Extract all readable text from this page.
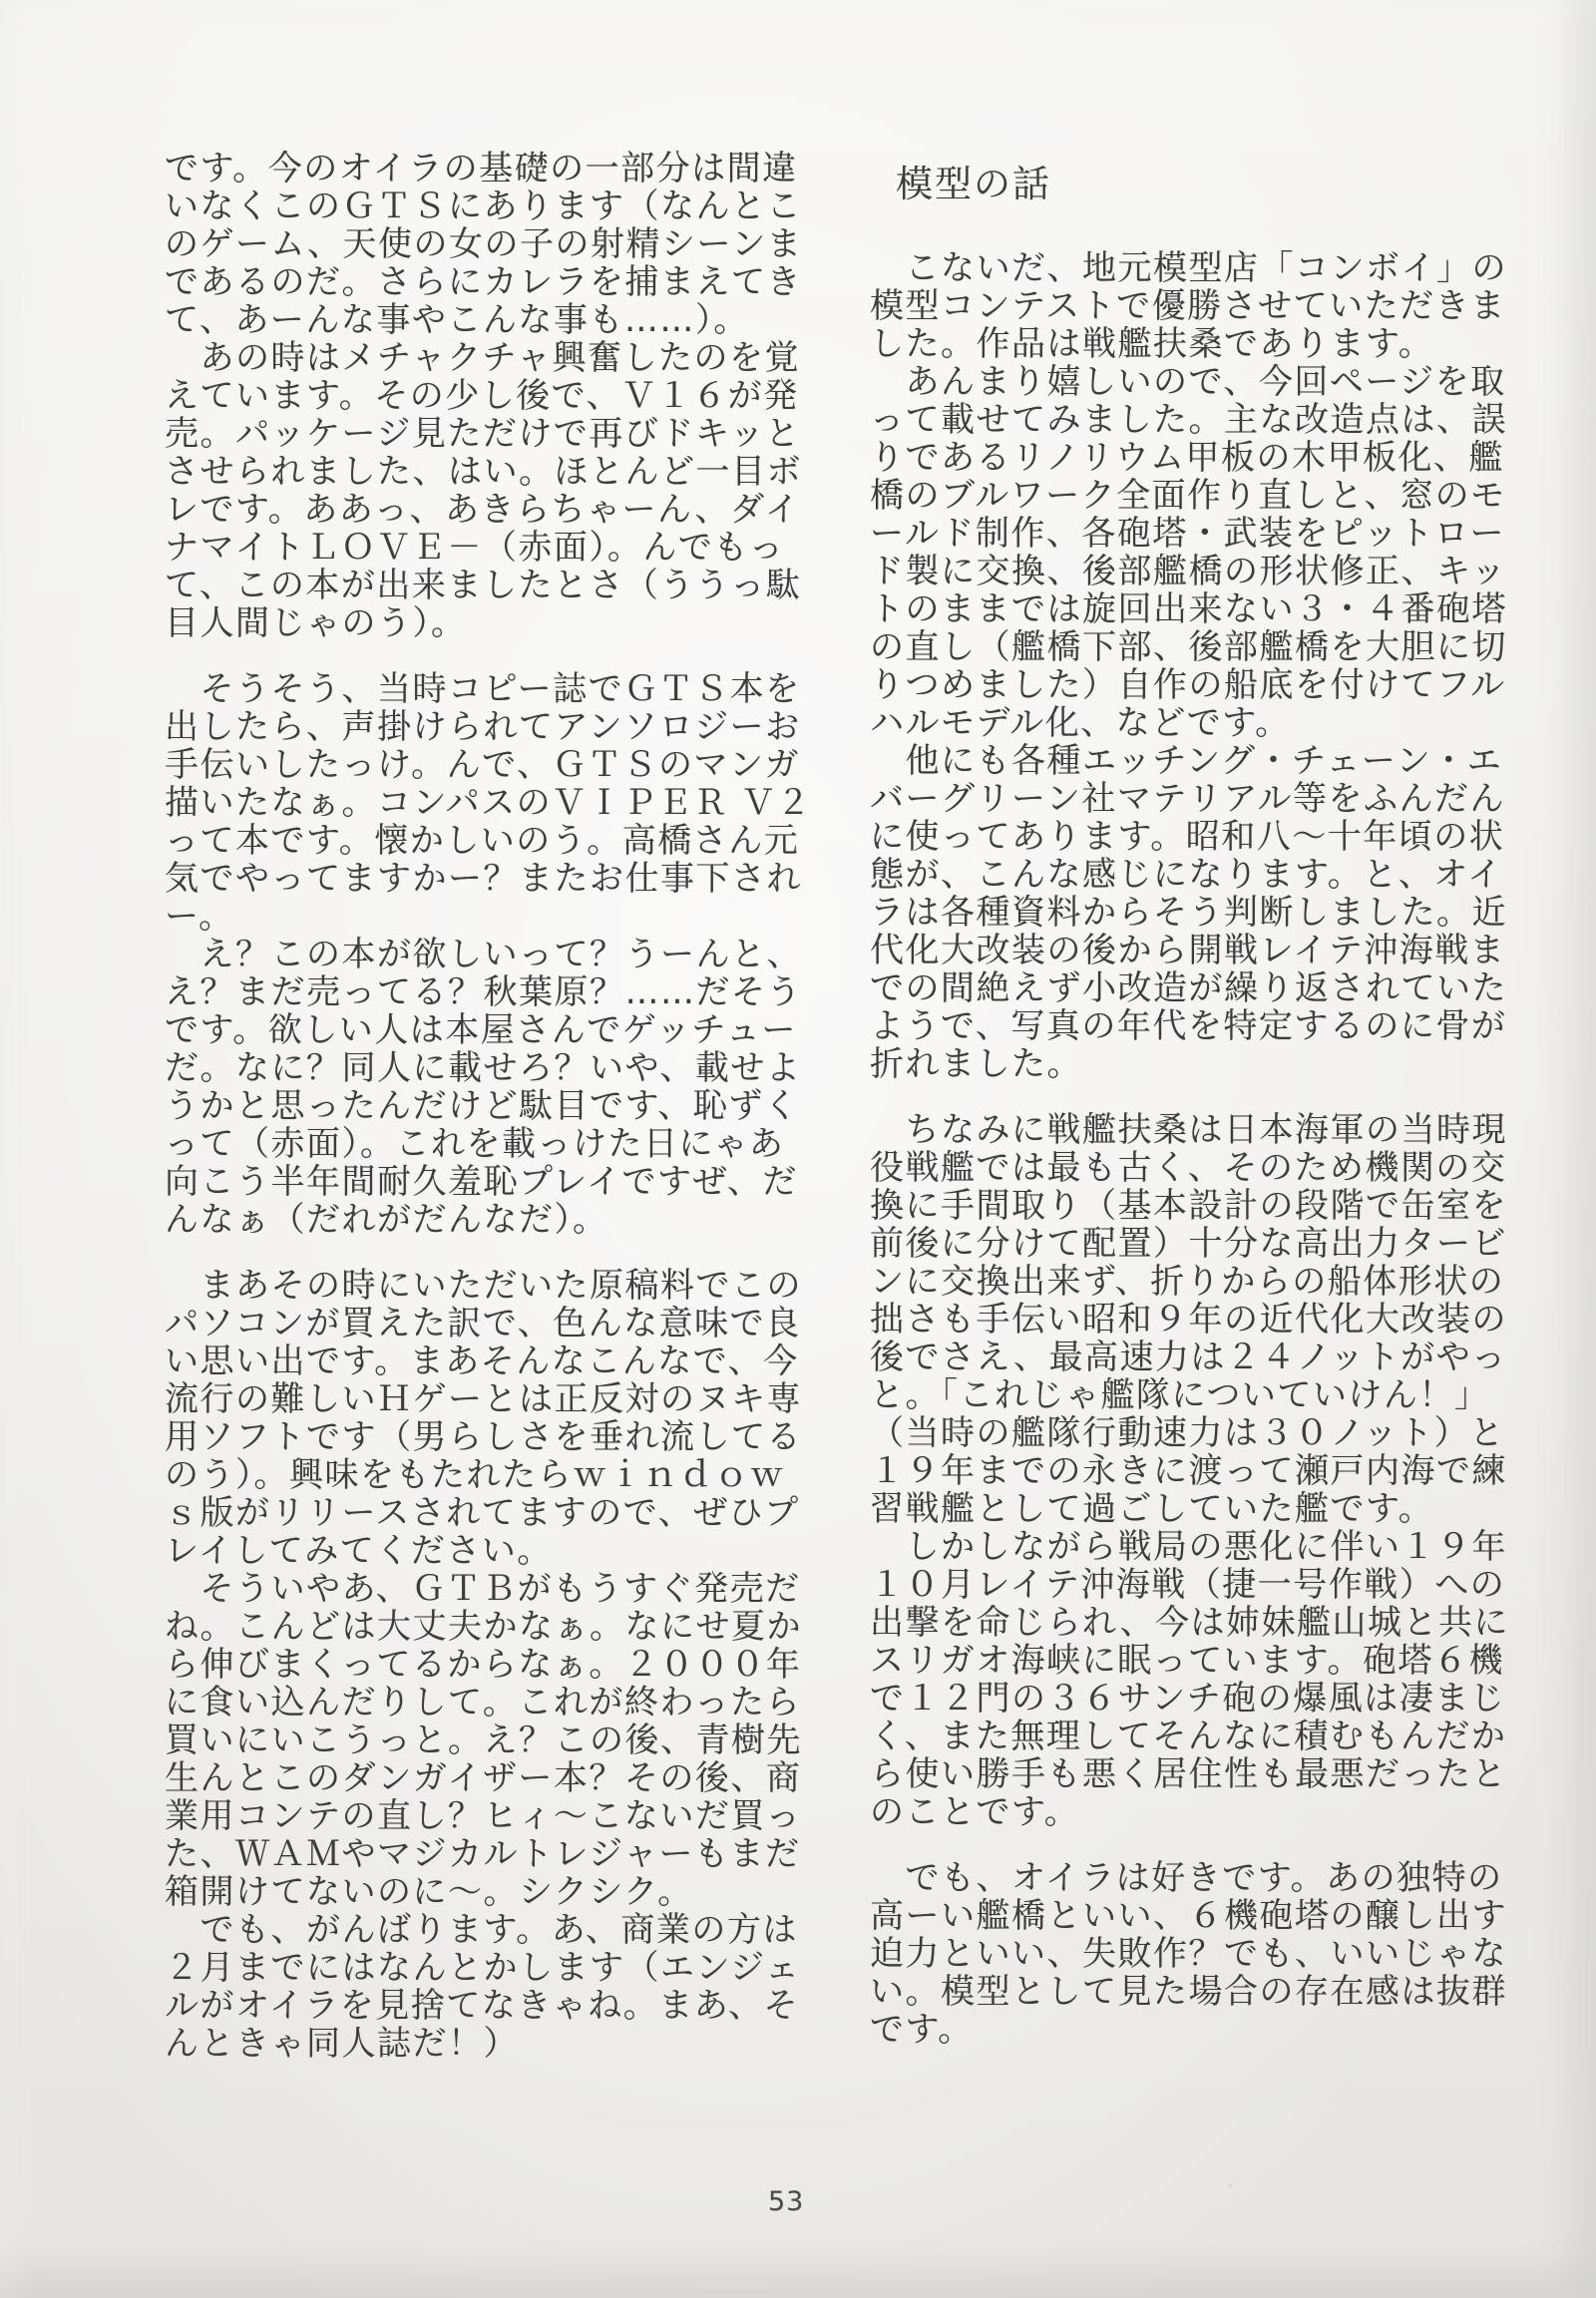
です。今のオイラの基礎の一部分は間違
いなくこのＧＴＳにあります（なんとこ
のゲーム、天使の女の子の射精シーンま
であるのだ。さらにカレラを捕まえてき
て、あーんな事やこんな事も……）。
　あの時はメチャクチャ興奮したのを覚
えています。その少し後で、Ｖ１６が発
売。パッケージ見ただけで再びドキッと
させられました、はい。ほとんど一目ボ
レです。ああっ、あきらちゃーん、ダイ
ナマイトＬＯＶＥ－（赤面）。んでもっ
て、この本が出来ましたとさ（ううっ駄
目人間じゃのう）。
　そうそう、当時コピー誌でＧＴＳ本を
出したら、声掛けられてアンソロジーお
手伝いしたっけ。んで、ＧＴＳのマンガ
描いたなぁ。コンパスのＶＩＰＥＲ Ｖ２
って本です。懐かしいのう。高橋さん元
気でやってますかー？またお仕事下され
ー。
　え？この本が欲しいって？うーんと、
え？まだ売ってる？秋葉原？……だそう
です。欲しい人は本屋さんでゲッチュー
だ。なに？同人に載せろ？いや、載せよ
うかと思ったんだけど駄目です、恥ずく
って（赤面）。これを載っけた日にゃあ
向こう半年間耐久羞恥プレイですぜ、だ
んなぁ（だれがだんなだ）。
　まあその時にいただいた原稿料でこの
パソコンが買えた訳で、色んな意味で良
い思い出です。まあそんなこんなで、今
流行の難しいＨゲーとは正反対のヌキ専
用ソフトです（男らしさを垂れ流してる
のう）。興味をもたれたらｗｉｎｄｏｗ
ｓ版がリリースされてますので、ぜひプ
レイしてみてください。
　そういやあ、ＧＴＢがもうすぐ発売だ
ね。こんどは大丈夫かなぁ。なにせ夏か
ら伸びまくってるからなぁ。２０００年
に食い込んだりして。これが終わったら
買いにいこうっと。え？この後、青樹先
生んとこのダンガイザー本？その後、商
業用コンテの直し？ヒィ～こないだ買っ
た、ＷＡＭやマジカルトレジャーもまだ
箱開けてないのに～。シクシク。
　でも、がんばります。あ、商業の方は
２月までにはなんとかします（エンジェ
ルがオイラを見捨てなきゃね。まあ、そ
んときゃ同人誌だ！）
模型の話
　こないだ、地元模型店「コンボイ」の
模型コンテストで優勝させていただきま
した。作品は戦艦扶桑であります。
　あんまり嬉しいので、今回ページを取
って載せてみました。主な改造点は、誤
りであるリノリウム甲板の木甲板化、艦
橋のブルワーク全面作り直しと、窓のモ
ールド制作、各砲塔・武装をピットロー
ド製に交換、後部艦橋の形状修正、キッ
トのままでは旋回出来ない３・４番砲塔
の直し（艦橋下部、後部艦橋を大胆に切
りつめました）自作の船底を付けてフル
ハルモデル化、などです。
　他にも各種エッチング・チェーン・エ
バーグリーン社マテリアル等をふんだん
に使ってあります。昭和八～十年頃の状
態が、こんな感じになります。と、オイ
ラは各種資料からそう判断しました。近
代化大改装の後から開戦レイテ沖海戦ま
での間絶えず小改造が繰り返されていた
ようで、写真の年代を特定するのに骨が
折れました。
　ちなみに戦艦扶桑は日本海軍の当時現
役戦艦では最も古く、そのため機関の交
換に手間取り（基本設計の段階で缶室を
前後に分けて配置）十分な高出力タービ
ンに交換出来ず、折りからの船体形状の
拙さも手伝い昭和９年の近代化大改装の
後でさえ、最高速力は２４ノットがやっ
と。「これじゃ艦隊についていけん！」
（当時の艦隊行動速力は３０ノット）と
１９年までの永きに渡って瀬戸内海で練
習戦艦として過ごしていた艦です。
　しかしながら戦局の悪化に伴い１９年
１０月レイテ沖海戦（捷一号作戦）への
出撃を命じられ、今は姉妹艦山城と共に
スリガオ海峡に眠っています。砲塔６機
で１２門の３６サンチ砲の爆風は凄まじ
く、また無理してそんなに積むもんだか
ら使い勝手も悪く居住性も最悪だったと
のことです。
　でも、オイラは好きです。あの独特の
高ーい艦橋といい、６機砲塔の醸し出す
迫力といい、失敗作？でも、いいじゃな
い。模型として見た場合の存在感は抜群
です。
53
